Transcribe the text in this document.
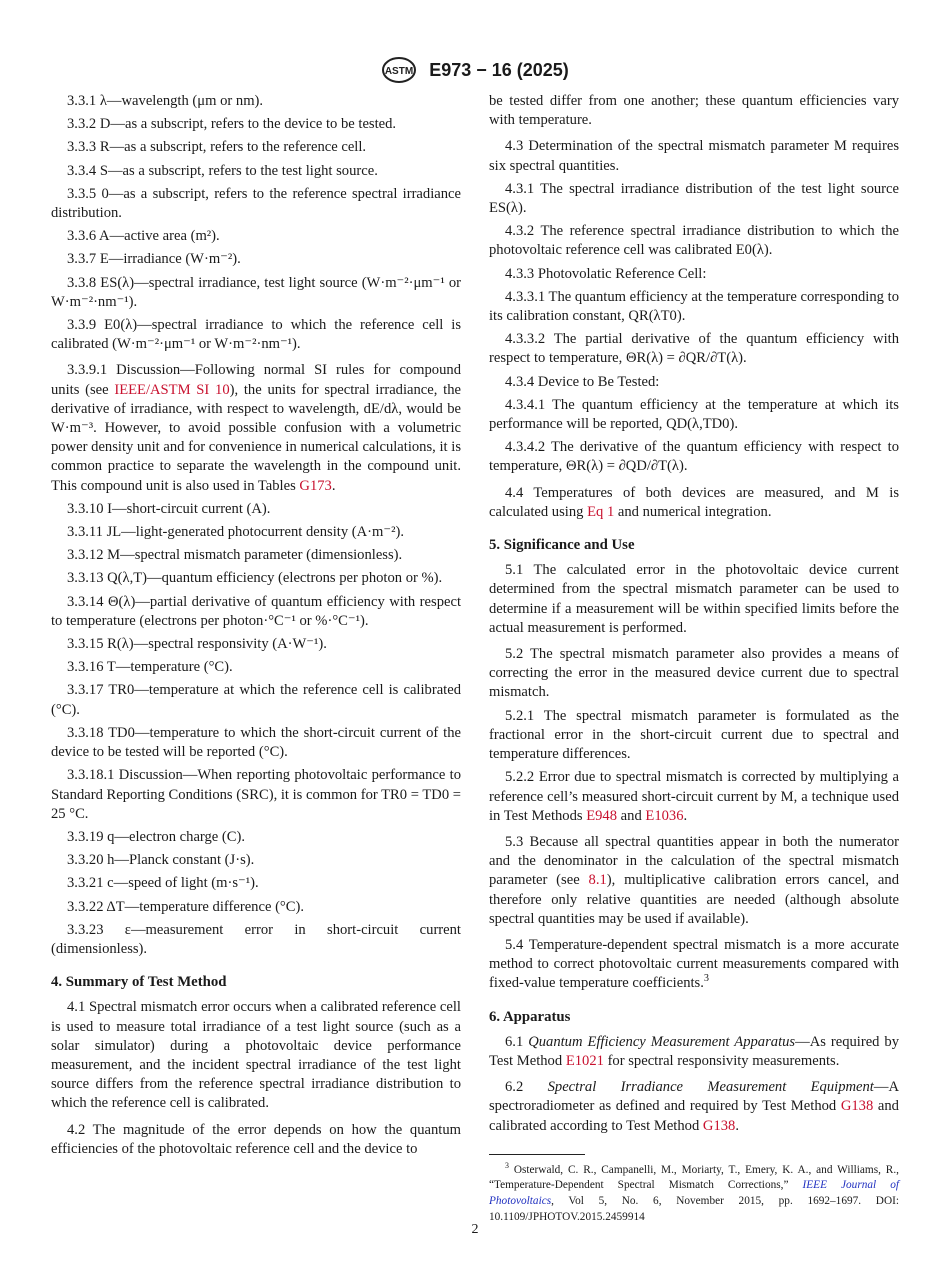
ASTM E973 − 16 (2025)

3.3.1 λ—wavelength (μm or nm).

3.3.2 D—as a subscript, refers to the device to be tested.

3.3.3 R—as a subscript, refers to the reference cell.

3.3.4 S—as a subscript, refers to the test light source.

3.3.5 0—as a subscript, refers to the reference spectral irradiance distribution.

3.3.6 A—active area (m²).

3.3.7 E—irradiance (W·m⁻²).

3.3.8 ES(λ)—spectral irradiance, test light source (W·m⁻²·μm⁻¹ or W·m⁻²·nm⁻¹).

3.3.9 E0(λ)—spectral irradiance to which the reference cell is calibrated (W·m⁻²·μm⁻¹ or W·m⁻²·nm⁻¹).

3.3.9.1 Discussion—Following normal SI rules for compound units (see IEEE/ASTM SI 10), the units for spectral irradiance, the derivative of irradiance, with respect to wavelength, dE/dλ, would be W·m⁻³. However, to avoid possible confusion with a volumetric power density unit and for convenience in numerical calculations, it is common practice to separate the wavelength in the compound unit. This compound unit is also used in Tables G173.

3.3.10 I—short-circuit current (A).

3.3.11 JL—light-generated photocurrent density (A·m⁻²).

3.3.12 M—spectral mismatch parameter (dimensionless).

3.3.13 Q(λ,T)—quantum efficiency (electrons per photon or %).

3.3.14 Θ(λ)—partial derivative of quantum efficiency with respect to temperature (electrons per photon·°C⁻¹ or %·°C⁻¹).

3.3.15 R(λ)—spectral responsivity (A·W⁻¹).

3.3.16 T—temperature (°C).

3.3.17 TR0—temperature at which the reference cell is calibrated (°C).

3.3.18 TD0—temperature to which the short-circuit current of the device to be tested will be reported (°C).

3.3.18.1 Discussion—When reporting photovoltaic performance to Standard Reporting Conditions (SRC), it is common for TR0 = TD0 = 25 °C.

3.3.19 q—electron charge (C).

3.3.20 h—Planck constant (J·s).

3.3.21 c—speed of light (m·s⁻¹).

3.3.22 ΔT—temperature difference (°C).

3.3.23 ε—measurement error in short-circuit current (dimensionless).

4. Summary of Test Method

4.1 Spectral mismatch error occurs when a calibrated reference cell is used to measure total irradiance of a test light source (such as a solar simulator) during a photovoltaic device performance measurement, and the incident spectral irradiance of the test light source differs from the reference spectral irradiance distribution to which the reference cell is calibrated.

4.2 The magnitude of the error depends on how the quantum efficiencies of the photovoltaic reference cell and the device to

be tested differ from one another; these quantum efficiencies vary with temperature.

4.3 Determination of the spectral mismatch parameter M requires six spectral quantities.

4.3.1 The spectral irradiance distribution of the test light source ES(λ).

4.3.2 The reference spectral irradiance distribution to which the photovoltaic reference cell was calibrated E0(λ).

4.3.3 Photovolatic Reference Cell:

4.3.3.1 The quantum efficiency at the temperature corresponding to its calibration constant, QR(λT0).

4.3.3.2 The partial derivative of the quantum efficiency with respect to temperature, ΘR(λ) = ∂QR/∂T(λ).

4.3.4 Device to Be Tested:

4.3.4.1 The quantum efficiency at the temperature at which its performance will be reported, QD(λ,TD0).

4.3.4.2 The derivative of the quantum efficiency with respect to temperature, ΘR(λ) = ∂QD/∂T(λ).

4.4 Temperatures of both devices are measured, and M is calculated using Eq 1 and numerical integration.

5. Significance and Use

5.1 The calculated error in the photovoltaic device current determined from the spectral mismatch parameter can be used to determine if a measurement will be within specified limits before the actual measurement is performed.

5.2 The spectral mismatch parameter also provides a means of correcting the error in the measured device current due to spectral mismatch.

5.2.1 The spectral mismatch parameter is formulated as the fractional error in the short-circuit current due to spectral and temperature differences.

5.2.2 Error due to spectral mismatch is corrected by multiplying a reference cell’s measured short-circuit current by M, a technique used in Test Methods E948 and E1036.

5.3 Because all spectral quantities appear in both the numerator and the denominator in the calculation of the spectral mismatch parameter (see 8.1), multiplicative calibration errors cancel, and therefore only relative quantities are needed (although absolute spectral quantities may be used if available).

5.4 Temperature-dependent spectral mismatch is a more accurate method to correct photovoltaic current measurements compared with fixed-value temperature coefficients.$^3$

6. Apparatus

6.1 Quantum Efficiency Measurement Apparatus—As required by Test Method E1021 for spectral responsivity measurements.

6.2 Spectral Irradiance Measurement Equipment—A spectroradiometer as defined and required by Test Method G138 and calibrated according to Test Method G138.

$^3$ Osterwald, C. R., Campanelli, M., Moriarty, T., Emery, K. A., and Williams, R., “Temperature-Dependent Spectral Mismatch Corrections,” IEEE Journal of Photovoltaics, Vol 5, No. 6, November 2015, pp. 1692–1697. DOI: 10.1109/JPHOTOV.2015.2459914
2
